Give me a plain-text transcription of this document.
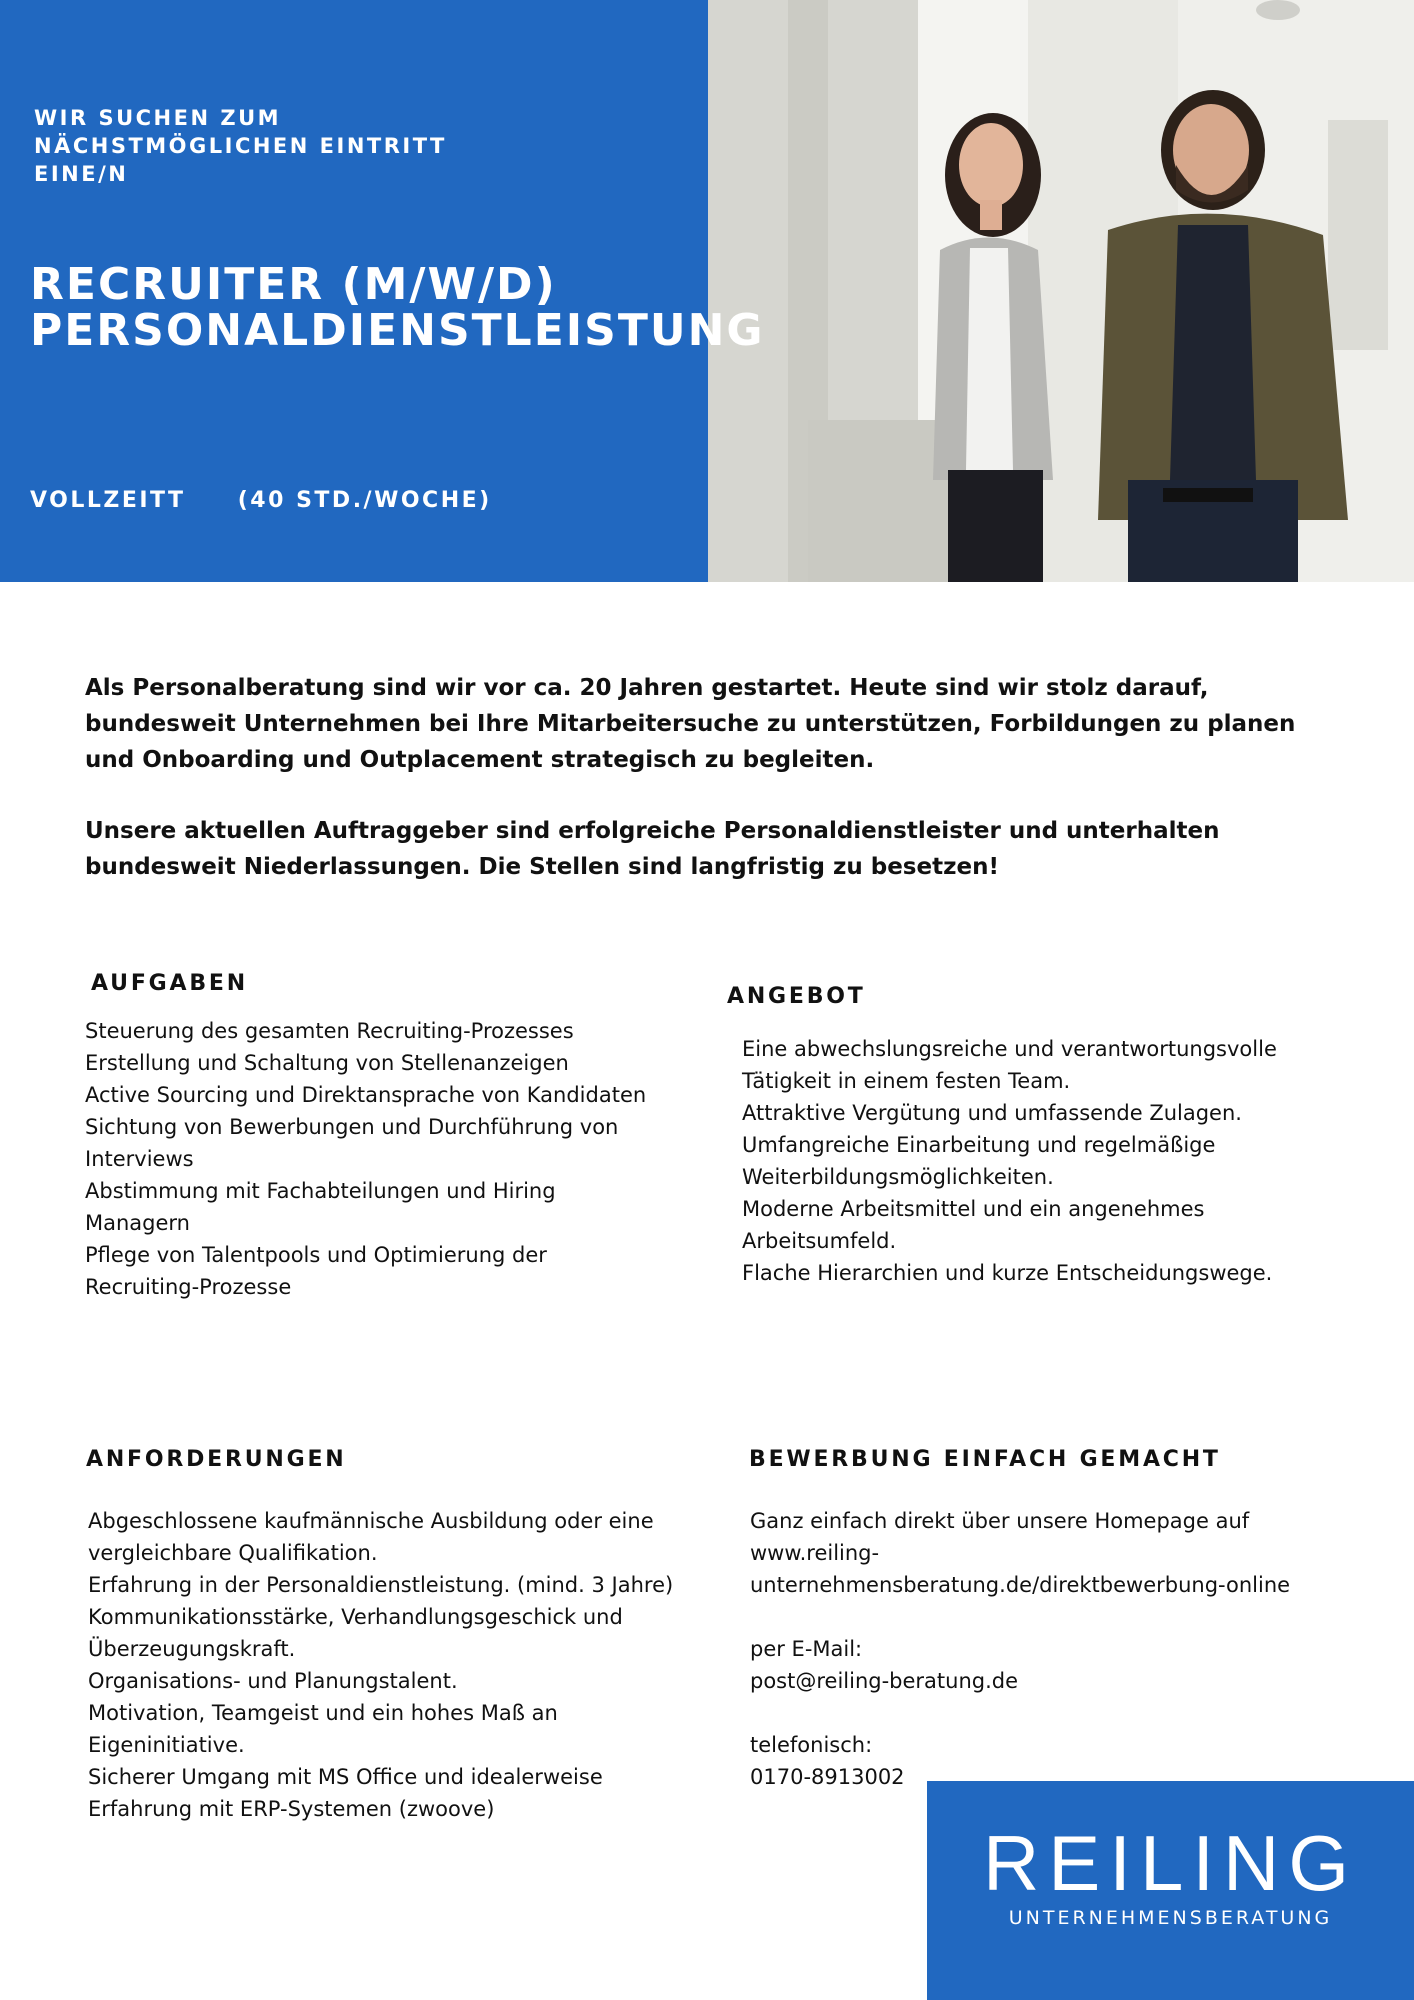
WIR SUCHEN ZUM
NÄCHSTMÖGLICHEN EINTRITT
EINE/N
VOLLZEITT (40 STD./WOCHE)
RECRUITER (M/W/D)
PERSONALDIENSTLEISTUNG

Als Personalberatung sind wir vor ca. 20 Jahren gestartet. Heute sind wir stolz darauf, bundesweit Unternehmen bei Ihre Mitarbeitersuche zu unterstützen, Forbildungen zu planen und Onboarding und Outplacement strategisch zu begleiten.

Unsere aktuellen Auftraggeber sind erfolgreiche Personaldienstleister und unterhalten bundesweit Niederlassungen. Die Stellen sind langfristig zu besetzen!

AUFGABEN
Steuerung des gesamten Recruiting-Prozesses
Erstellung und Schaltung von Stellenanzeigen
Active Sourcing und Direktansprache von Kandidaten
Sichtung von Bewerbungen und Durchführung von
Interviews
Abstimmung mit Fachabteilungen und Hiring
Managern
Pflege von Talentpools und Optimierung der
Recruiting-Prozesse
ANGEBOT
Eine abwechslungsreiche und verantwortungsvolle
Tätigkeit in einem festen Team.
Attraktive Vergütung und umfassende Zulagen.
Umfangreiche Einarbeitung und regelmäßige
Weiterbildungsmöglichkeiten.
Moderne Arbeitsmittel und ein angenehmes
Arbeitsumfeld.
Flache Hierarchien und kurze Entscheidungswege.
ANFORDERUNGEN
Abgeschlossene kaufmännische Ausbildung oder eine
vergleichbare Qualifikation.
Erfahrung in der Personaldienstleistung. (mind. 3 Jahre)
Kommunikationsstärke, Verhandlungsgeschick und
Überzeugungskraft.
Organisations- und Planungstalent.
Motivation, Teamgeist und ein hohes Maß an
Eigeninitiative.
Sicherer Umgang mit MS Office und idealerweise
Erfahrung mit ERP-Systemen (zwoove)
BEWERBUNG EINFACH GEMACHT
Ganz einfach direkt über unsere Homepage auf
www.reiling-
unternehmensberatung.de/direktbewerbung-online
per E-Mail:
post@reiling-beratung.de
telefonisch:
0170-8913002
REILING
UNTERNEHMENSBERATUNG
